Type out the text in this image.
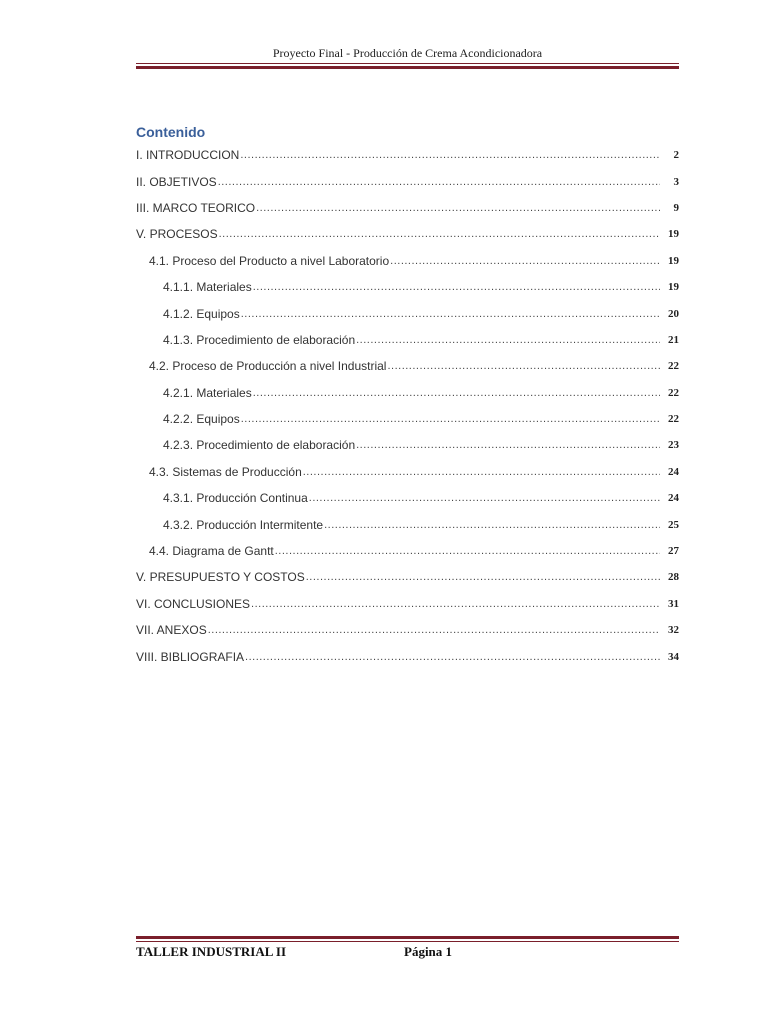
Proyecto Final - Producción de Crema Acondicionadora
Contenido
I. INTRODUCCION .....	2
II. OBJETIVOS .....	3
III. MARCO TEORICO .....	9
V. PROCESOS .....	19
4.1. Proceso del Producto a nivel Laboratorio .....	19
4.1.1. Materiales .....	19
4.1.2. Equipos .....	20
4.1.3. Procedimiento de elaboración .....	21
4.2. Proceso de Producción a nivel Industrial .....	22
4.2.1. Materiales .....	22
4.2.2. Equipos .....	22
4.2.3. Procedimiento de elaboración .....	23
4.3. Sistemas de Producción .....	24
4.3.1. Producción Continua .....	24
4.3.2. Producción Intermitente .....	25
4.4. Diagrama de Gantt .....	27
V. PRESUPUESTO Y COSTOS .....	28
VI. CONCLUSIONES .....	31
VII. ANEXOS .....	32
VIII. BIBLIOGRAFIA .....	34
TALLER INDUSTRIAL II	Página 1
